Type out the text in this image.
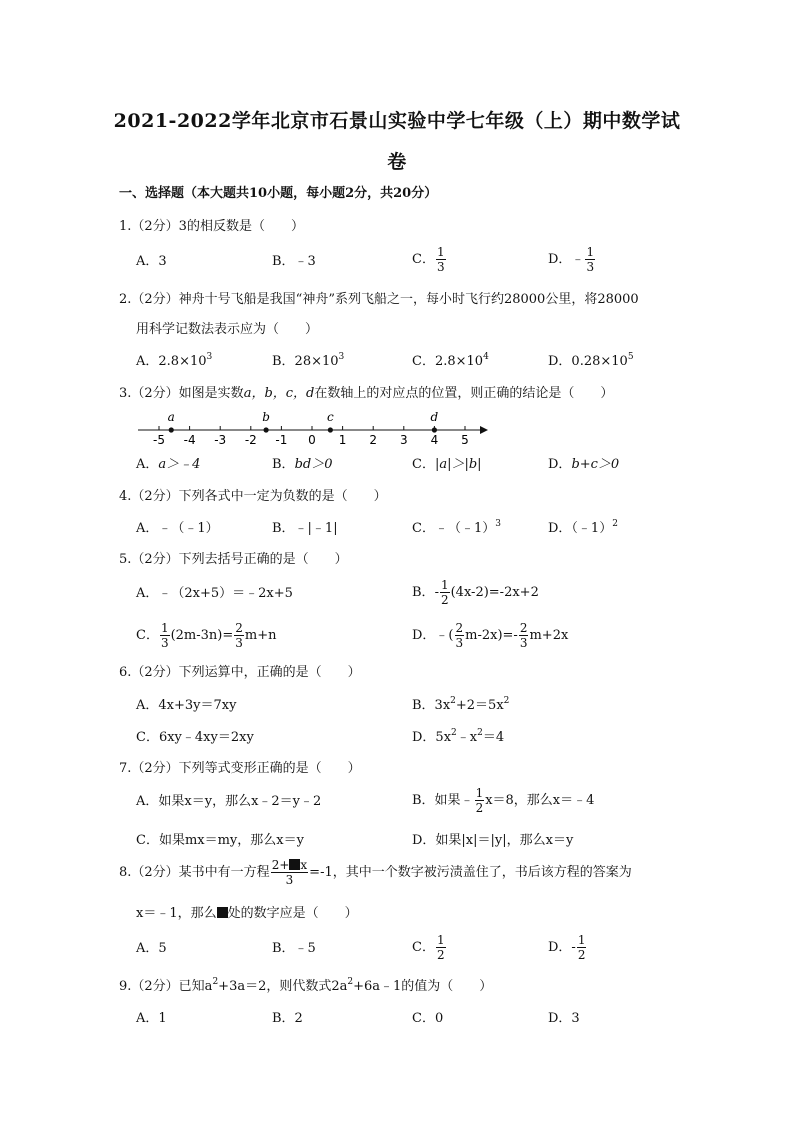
2021-2022学年北京市石景山实验中学七年级（上）期中数学试
卷
一、选择题（本大题共10小题，每小题2分，共20分）
1.（2分）3的相反数是（　　）
A．3	B．﹣3	C． $\frac{1}{3}$	D．﹣ $\frac{1}{3}$
2.（2分）神舟十号飞船是我国“神舟”系列飞船之一，每小时飞行约28000公里，将28000
用科学记数法表示应为（　　）
A．$2.8\times 10^3$	B．$28\times 10^3$	C．$2.8\times 10^4$	D．$0.28\times 10^5$
3.（2分）如图是实数a，b，c，d在数轴上的对应点的位置，则正确的结论是（　　）
-5 -4 -3 -2 -1 0 1 2 3 4 5
a	b	c	d
A．a＞﹣4	B．bd＞0	C．|a|＞|b|	D．b+c＞0
4.（2分）下列各式中一定为负数的是（　　）
A．﹣（﹣1）	B．﹣|﹣1|	C．﹣（﹣1）$^3$	D．（﹣1）$^2$
5.（2分）下列去括号正确的是（　　）
A．﹣（2x+5）＝﹣2x+5	B．- $\frac{1}{2} (4x-2)=-2x+2$
C． $\frac{1}{3} (2m-3n)= \frac{2}{3} m+n$	D．﹣( $\frac{2}{3} m-2x)=- \frac{2}{3} m+2x$
6.（2分）下列运算中，正确的是（　　）
A．4x+3y＝7xy	B．$3x^2+2=5x^2$
C．6xy﹣4xy＝2xy	D．$5x^2﹣x^2=4$
7.（2分）下列等式变形正确的是（　　）
A．如果x＝y，那么x﹣2＝y﹣2	B．如果﹣ $\frac{1}{2} x=8$，那么x＝﹣4
C．如果mx＝my，那么x＝y	D．如果|x|＝|y|，那么x＝y
8.（2分）某书中有一方程 $\frac{2+ x}{3} =-1$，其中一个数字被污渍盖住了，书后该方程的答案为
x＝﹣1，那么 处的数字应是（　　）
A．5	B．﹣5	C． $\frac{1}{2}$	D．- $\frac{1}{2}$
9.（2分）已知$a^2+3a=2$，则代数式$2a^2+6a﹣1$的值为（　　）
A．1	B．2	C．0	D．3
